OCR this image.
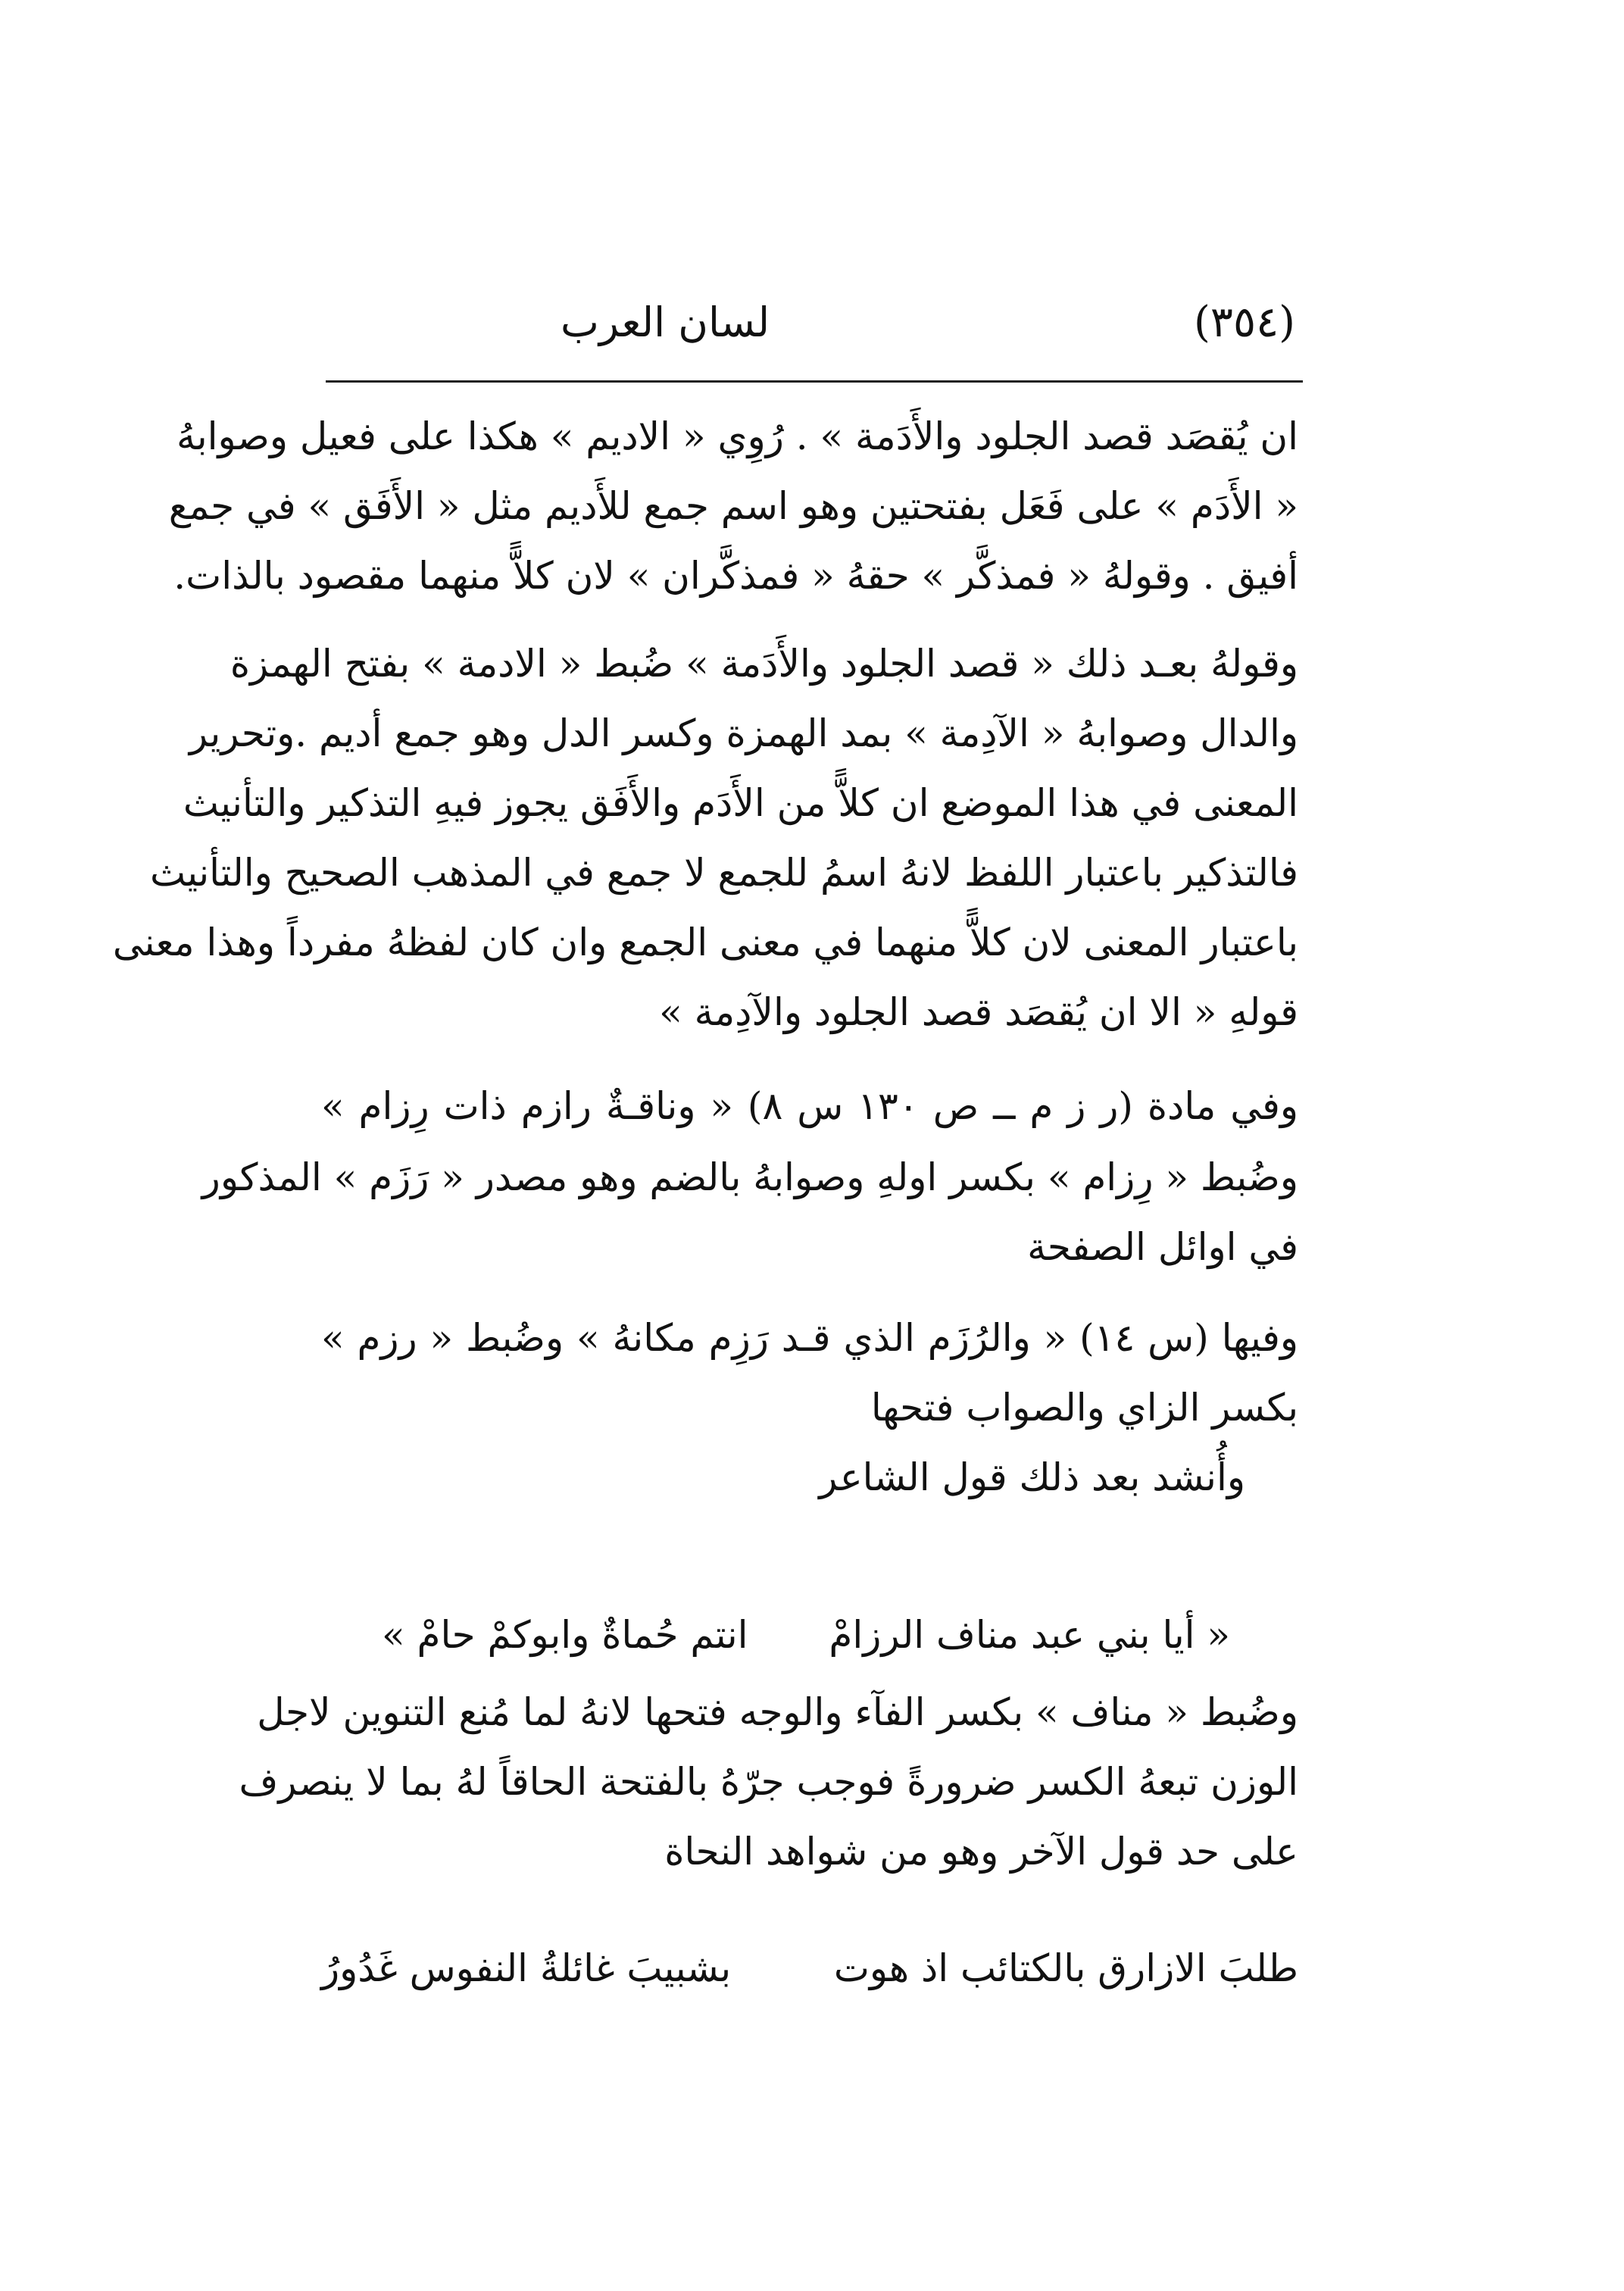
(٣٥٤)
لسان العرب
ان يُقصَد قصد الجلود والأَدَمة » . رُوِي « الاديم » هكذا على فعيل وصوابهُ
« الأَدَم » على فَعَل بفتحتين وهو اسم جمع للأَديم مثل « الأَفَق » في جمع
أفيق . وقولهُ « فمذكَّر » حقهُ « فمذكَّران » لان كلاًّ منهما مقصود بالذات.
وقولهُ بعـد ذلك « قصد الجلود والأَدَمة » ضُبط « الادمة » بفتح الهمزة
والدال وصوابهُ « الآدِمة » بمد الهمزة وكسر الدل وهو جمع أديم .وتحرير
المعنى في هذا الموضع ان كلاًّ من الأَدَم والأَفَق يجوز فيهِ التذكير والتأنيث
فالتذكير باعتبار اللفظ لانهُ اسمُ للجمع لا جمع في المذهب الصحيح والتأنيث
باعتبار المعنى لان كلاًّ منهما في معنى الجمع وان كان لفظهُ مفرداً وهذا معنى
قولهِ « الا ان يُقصَد قصد الجلود والآدِمة »
وفي مادة (ر ز م ــ ص ١٣٠ س ٨) « وناقـةٌ رازم ذات رِزام »
وضُبط « رِزام » بكسر اولهِ وصوابهُ بالضم وهو مصدر « رَزَم » المذكور
في اوائل الصفحة
وفيها (س ١٤) « والرُزَم الذي قـد رَزِم مكانهُ » وضُبط « رزم »
بكسر الزاي والصواب فتحها
وأُنشد بعد ذلك قول الشاعر
« أيا بني عبد مناف الرزامْ
انتم حُماةٌ وابوكمْ حامْ »
وضُبط « مناف » بكسر الفآء والوجه فتحها لانهُ لما مُنع التنوين لاجل
الوزن تبعهُ الكسر ضرورةً فوجب جرّهُ بالفتحة الحاقاً لهُ بما لا ينصرف
على حد قول الآخر وهو من شواهد النحاة
طلبَ الازارق بالكتائب اذ هوت
بشبيبَ غائلةُ النفوس غَدُورُ
